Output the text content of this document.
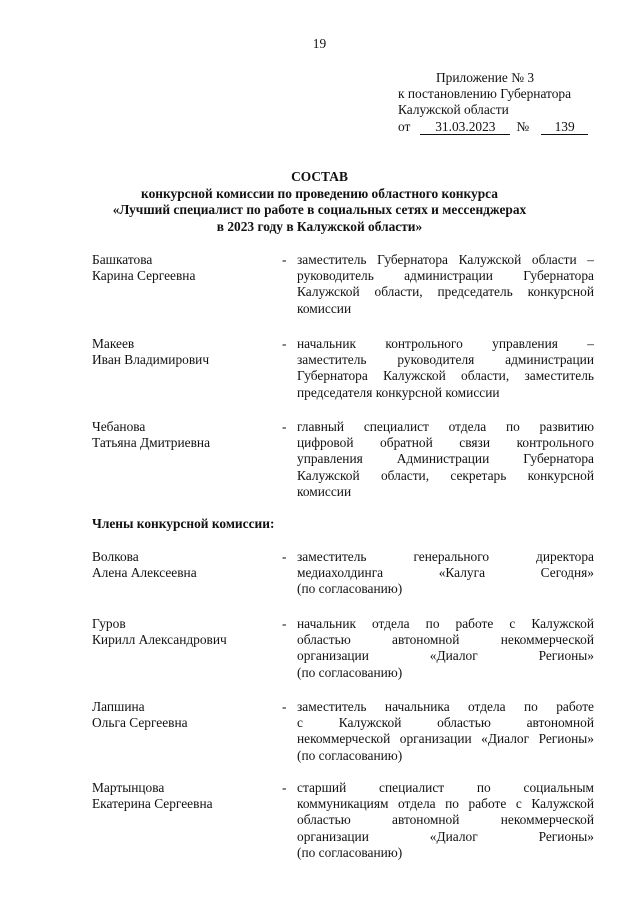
19
Приложение № 3
к постановлению Губернатора
Калужской области
от 31.03.2023 № 139
СОСТАВ
конкурсной комиссии по проведению областного конкурса
«Лучший специалист по работе в социальных сетях и мессенджерах
в 2023 году в Калужской области»
Члены конкурсной комиссии:
Башкатова
Карина Сергеевна
- заместитель Губернатора Калужской области –
руководитель администрации Губернатора
Калужской области, председатель конкурсной
комиссии
Макеев
Иван Владимирович
- начальник контрольного управления –
заместитель руководителя администрации
Губернатора Калужской области, заместитель
председателя конкурсной комиссии
Чебанова
Татьяна Дмитриевна
- главный специалист отдела по развитию
цифровой обратной связи контрольного
управления Администрации Губернатора
Калужской области, секретарь конкурсной
комиссии
Волкова
Алена Алексеевна
- заместитель генерального директора
медиахолдинга «Калуга Сегодня»
(по согласованию)
Гуров
Кирилл Александрович
- начальник отдела по работе с Калужской
областью автономной некоммерческой
организации «Диалог Регионы»
(по согласованию)
Лапшина
Ольга Сергеевна
- заместитель начальника отдела по работе
с Калужской областью автономной
некоммерческой организации «Диалог Регионы»
(по согласованию)
Мартынцова
Екатерина Сергеевна
- старший специалист по социальным
коммуникациям отдела по работе с Калужской
областью автономной некоммерческой
организации «Диалог Регионы»
(по согласованию)
